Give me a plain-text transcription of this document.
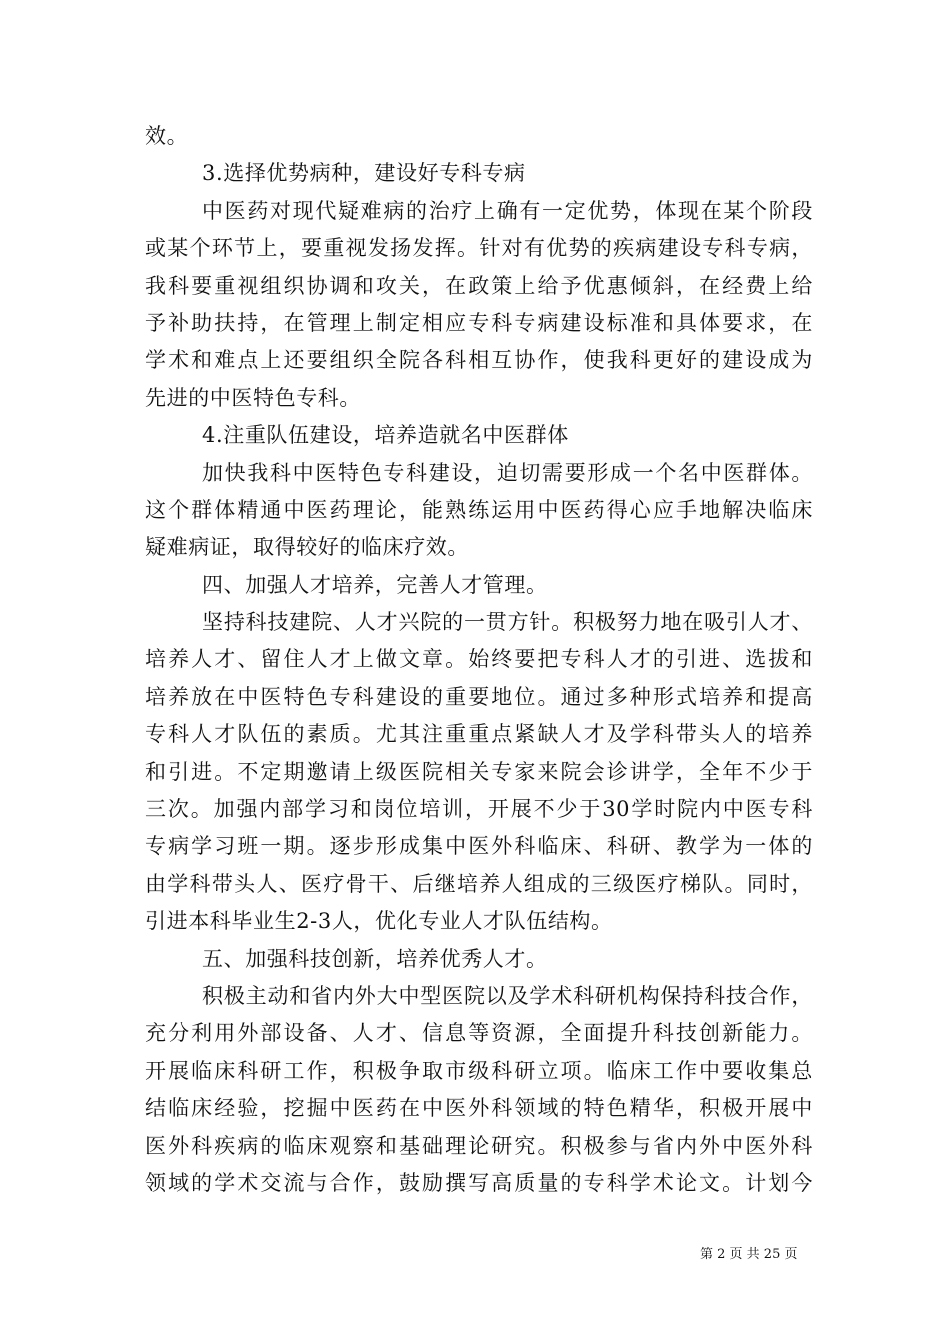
效。
3.选择优势病种，建设好专科专病
中医药对现代疑难病的治疗上确有一定优势，体现在某个阶段
或某个环节上，要重视发扬发挥。针对有优势的疾病建设专科专病，
我科要重视组织协调和攻关，在政策上给予优惠倾斜，在经费上给
予补助扶持，在管理上制定相应专科专病建设标准和具体要求，在
学术和难点上还要组织全院各科相互协作，使我科更好的建设成为
先进的中医特色专科。
4.注重队伍建设，培养造就名中医群体
加快我科中医特色专科建设，迫切需要形成一个名中医群体。
这个群体精通中医药理论，能熟练运用中医药得心应手地解决临床
疑难病证，取得较好的临床疗效。
四、加强人才培养，完善人才管理。
坚持科技建院、人才兴院的一贯方针。积极努力地在吸引人才、
培养人才、留住人才上做文章。始终要把专科人才的引进、选拔和
培养放在中医特色专科建设的重要地位。通过多种形式培养和提高
专科人才队伍的素质。尤其注重重点紧缺人才及学科带头人的培养
和引进。不定期邀请上级医院相关专家来院会诊讲学，全年不少于
三次。加强内部学习和岗位培训，开展不少于30学时院内中医专科
专病学习班一期。逐步形成集中医外科临床、科研、教学为一体的
由学科带头人、医疗骨干、后继培养人组成的三级医疗梯队。同时，
引进本科毕业生2-3人，优化专业人才队伍结构。
五、加强科技创新，培养优秀人才。
积极主动和省内外大中型医院以及学术科研机构保持科技合作，
充分利用外部设备、人才、信息等资源，全面提升科技创新能力。
开展临床科研工作，积极争取市级科研立项。临床工作中要收集总
结临床经验，挖掘中医药在中医外科领域的特色精华，积极开展中
医外科疾病的临床观察和基础理论研究。积极参与省内外中医外科
领域的学术交流与合作，鼓励撰写高质量的专科学术论文。计划今
第 2 页 共 25 页
